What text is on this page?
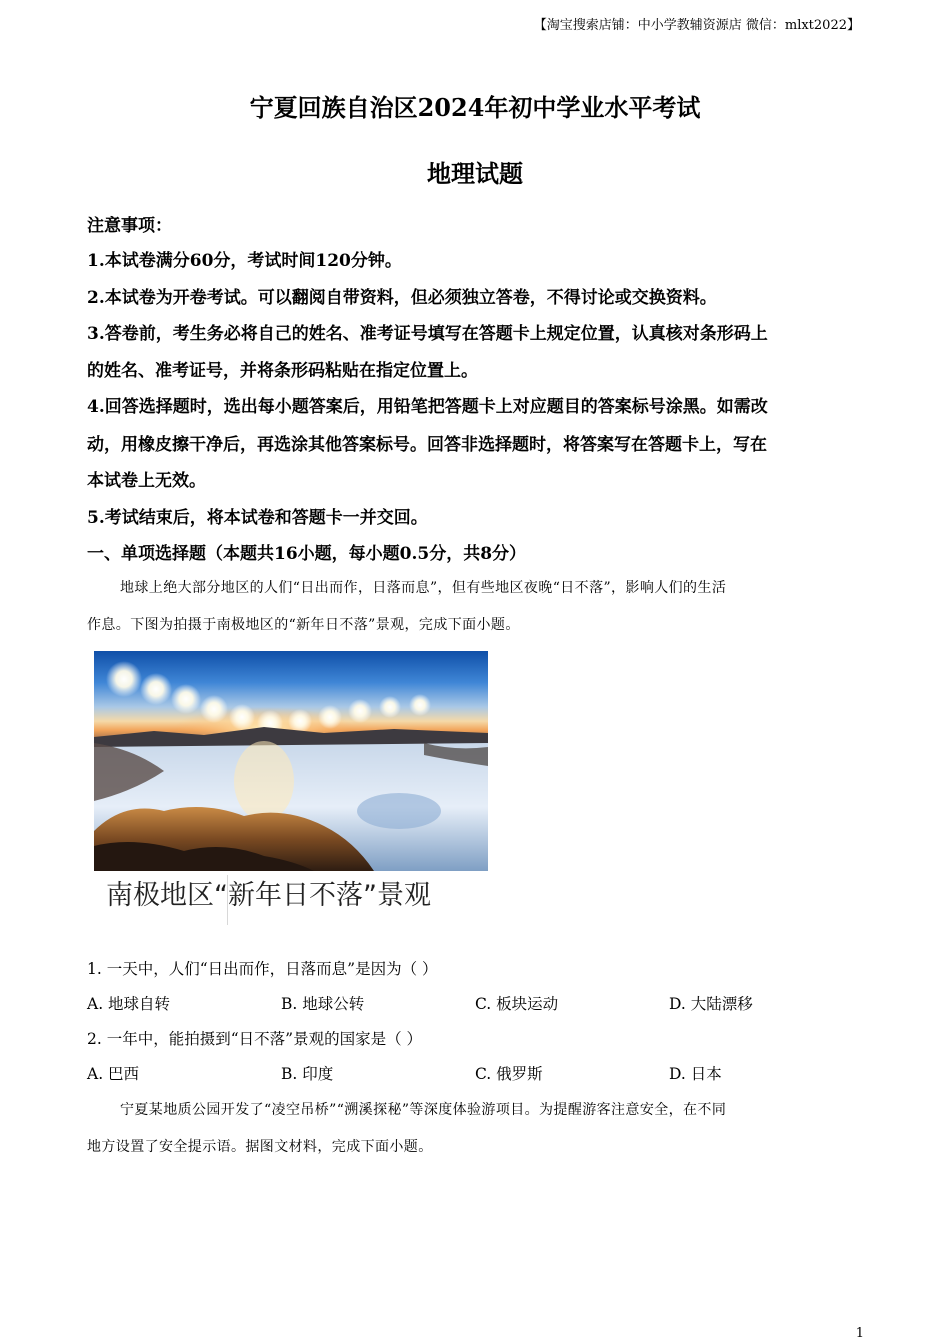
【淘宝搜索店铺：中小学教辅资源店 微信：mlxt2022】
宁夏回族自治区2024年初中学业水平考试
地理试题
注意事项：
1.本试卷满分60分，考试时间120分钟。
2.本试卷为开卷考试。可以翻阅自带资料，但必须独立答卷，不得讨论或交换资料。
3.答卷前，考生务必将自己的姓名、准考证号填写在答题卡上规定位置，认真核对条形码上
的姓名、准考证号，并将条形码粘贴在指定位置上。
4.回答选择题时，选出每小题答案后，用铅笔把答题卡上对应题目的答案标号涂黑。如需改
动，用橡皮擦干净后，再选涂其他答案标号。回答非选择题时，将答案写在答题卡上，写在
本试卷上无效。
5.考试结束后，将本试卷和答题卡一并交回。
一、单项选择题（本题共16小题，每小题0.5分，共8分）
地球上绝大部分地区的人们“日出而作，日落而息”，但有些地区夜晚“日不落”，影响人们的生活
作息。下图为拍摄于南极地区的“新年日不落”景观，完成下面小题。
南极地区“新年日不落”景观
1. 一天中，人们“日出而作，日落而息”是因为（ ）
A. 地球自转	B. 地球公转	C. 板块运动	D. 大陆漂移
2. 一年中，能拍摄到“日不落”景观的国家是（ ）
A. 巴西	B. 印度	C. 俄罗斯	D. 日本
宁夏某地质公园开发了“凌空吊桥”“溯溪探秘”等深度体验游项目。为提醒游客注意安全，在不同
地方设置了安全提示语。据图文材料，完成下面小题。
1
